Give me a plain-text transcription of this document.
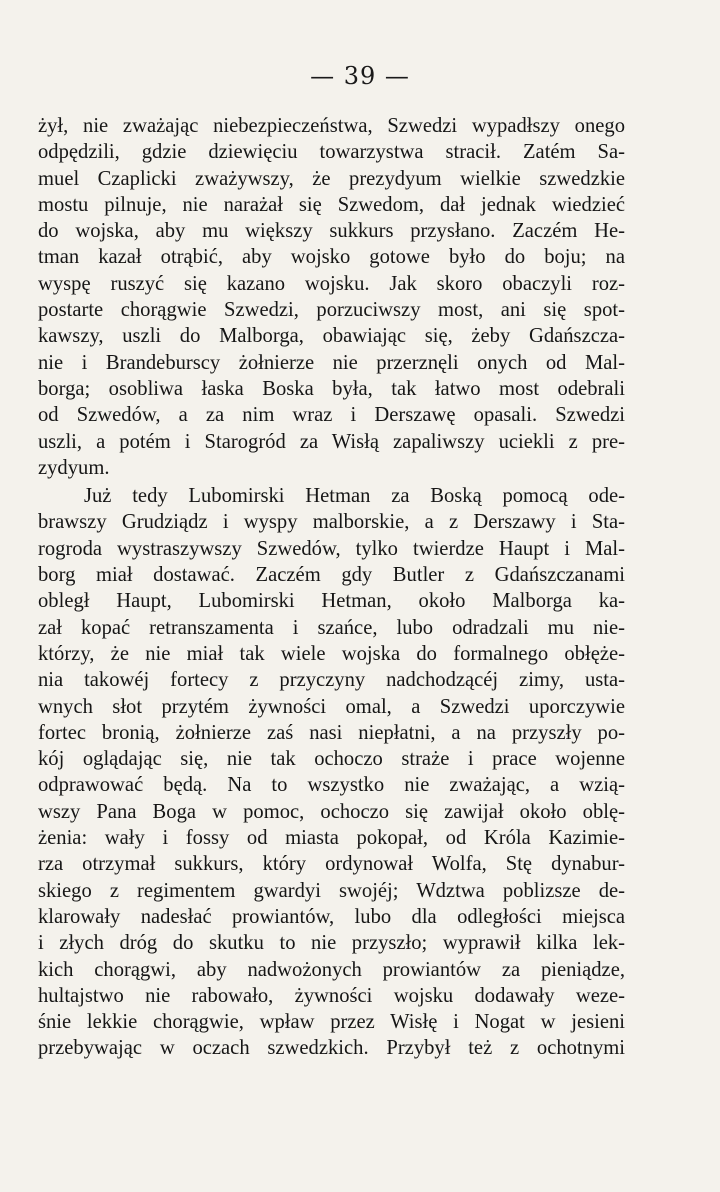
— 39 —
żył, nie zważając niebezpieczeństwa, Szwedzi wypadłszy onego
odpędzili, gdzie dziewięciu towarzystwa stracił. Zatém Sa-
muel Czaplicki zważywszy, że prezydyum wielkie szwedzkie
mostu pilnuje, nie narażał się Szwedom, dał jednak wiedzieć
do wojska, aby mu większy sukkurs przysłano. Zaczém He-
tman kazał otrąbić, aby wojsko gotowe było do boju; na
wyspę ruszyć się kazano wojsku. Jak skoro obaczyli roz-
postarte chorągwie Szwedzi, porzuciwszy most, ani się spot-
kawszy, uszli do Malborga, obawiając się, żeby Gdańszcza-
nie i Brandeburscy żołnierze nie przerznęli onych od Mal-
borga; osobliwa łaska Boska była, tak łatwo most odebrali
od Szwedów, a za nim wraz i Derszawę opasali. Szwedzi
uszli, a potém i Starogród za Wisłą zapaliwszy uciekli z pre-
zydyum.
Już tedy Lubomirski Hetman za Boską pomocą ode-
brawszy Grudziądz i wyspy malborskie, a z Derszawy i Sta-
rogroda wystraszywszy Szwedów, tylko twierdze Haupt i Mal-
borg miał dostawać. Zaczém gdy Butler z Gdańszczanami
obległ Haupt, Lubomirski Hetman, około Malborga ka-
zał kopać retranszamenta i szańce, lubo odradzali mu nie-
którzy, że nie miał tak wiele wojska do formalnego obłęże-
nia takowéj fortecy z przyczyny nadchodzącéj zimy, usta-
wnych słot przytém żywności omal, a Szwedzi uporczywie
fortec bronią, żołnierze zaś nasi niepłatni, a na przyszły po-
kój oglądając się, nie tak ochoczo straże i prace wojenne
odprawować będą. Na to wszystko nie zważając, a wzią-
wszy Pana Boga w pomoc, ochoczo się zawijał około oblę-
żenia: wały i fossy od miasta pokopał, od Króla Kazimie-
rza otrzymał sukkurs, który ordynował Wolfa, Stę dynabur-
skiego z regimentem gwardyi swojéj; Wdztwa poblizsze de-
klarowały nadesłać prowiantów, lubo dla odległości miejsca
i złych dróg do skutku to nie przyszło; wyprawił kilka lek-
kich chorągwi, aby nadwożonych prowiantów za pieniądze,
hultajstwo nie rabowało, żywności wojsku dodawały weze-
śnie lekkie chorągwie, wpław przez Wisłę i Nogat w jesieni
przebywając w oczach szwedzkich. Przybył też z ochotnymi
